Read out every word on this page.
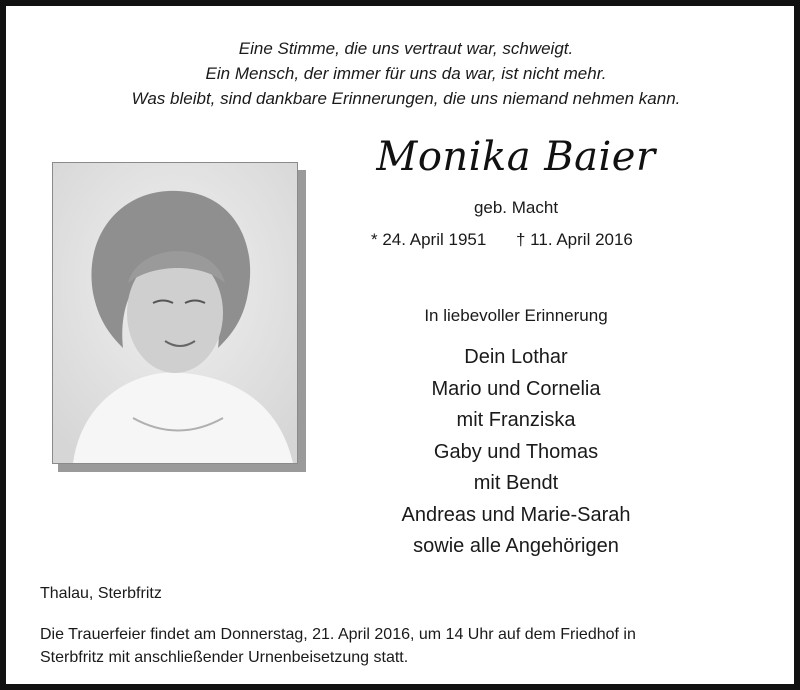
Eine Stimme, die uns vertraut war, schweigt.
Ein Mensch, der immer für uns da war, ist nicht mehr.
Was bleibt, sind dankbare Erinnerungen, die uns niemand nehmen kann.
Monika Baier
geb. Macht
* 24. April 1951 † 11. April 2016
In liebevoller Erinnerung
Dein Lothar
Mario und Cornelia
mit Franziska
Gaby und Thomas
mit Bendt
Andreas und Marie-Sarah
sowie alle Angehörigen
Thalau, Sterbfritz
Die Trauerfeier findet am Donnerstag, 21. April 2016, um 14 Uhr auf dem Friedhof in
Sterbfritz mit anschließender Urnenbeisetzung statt.
